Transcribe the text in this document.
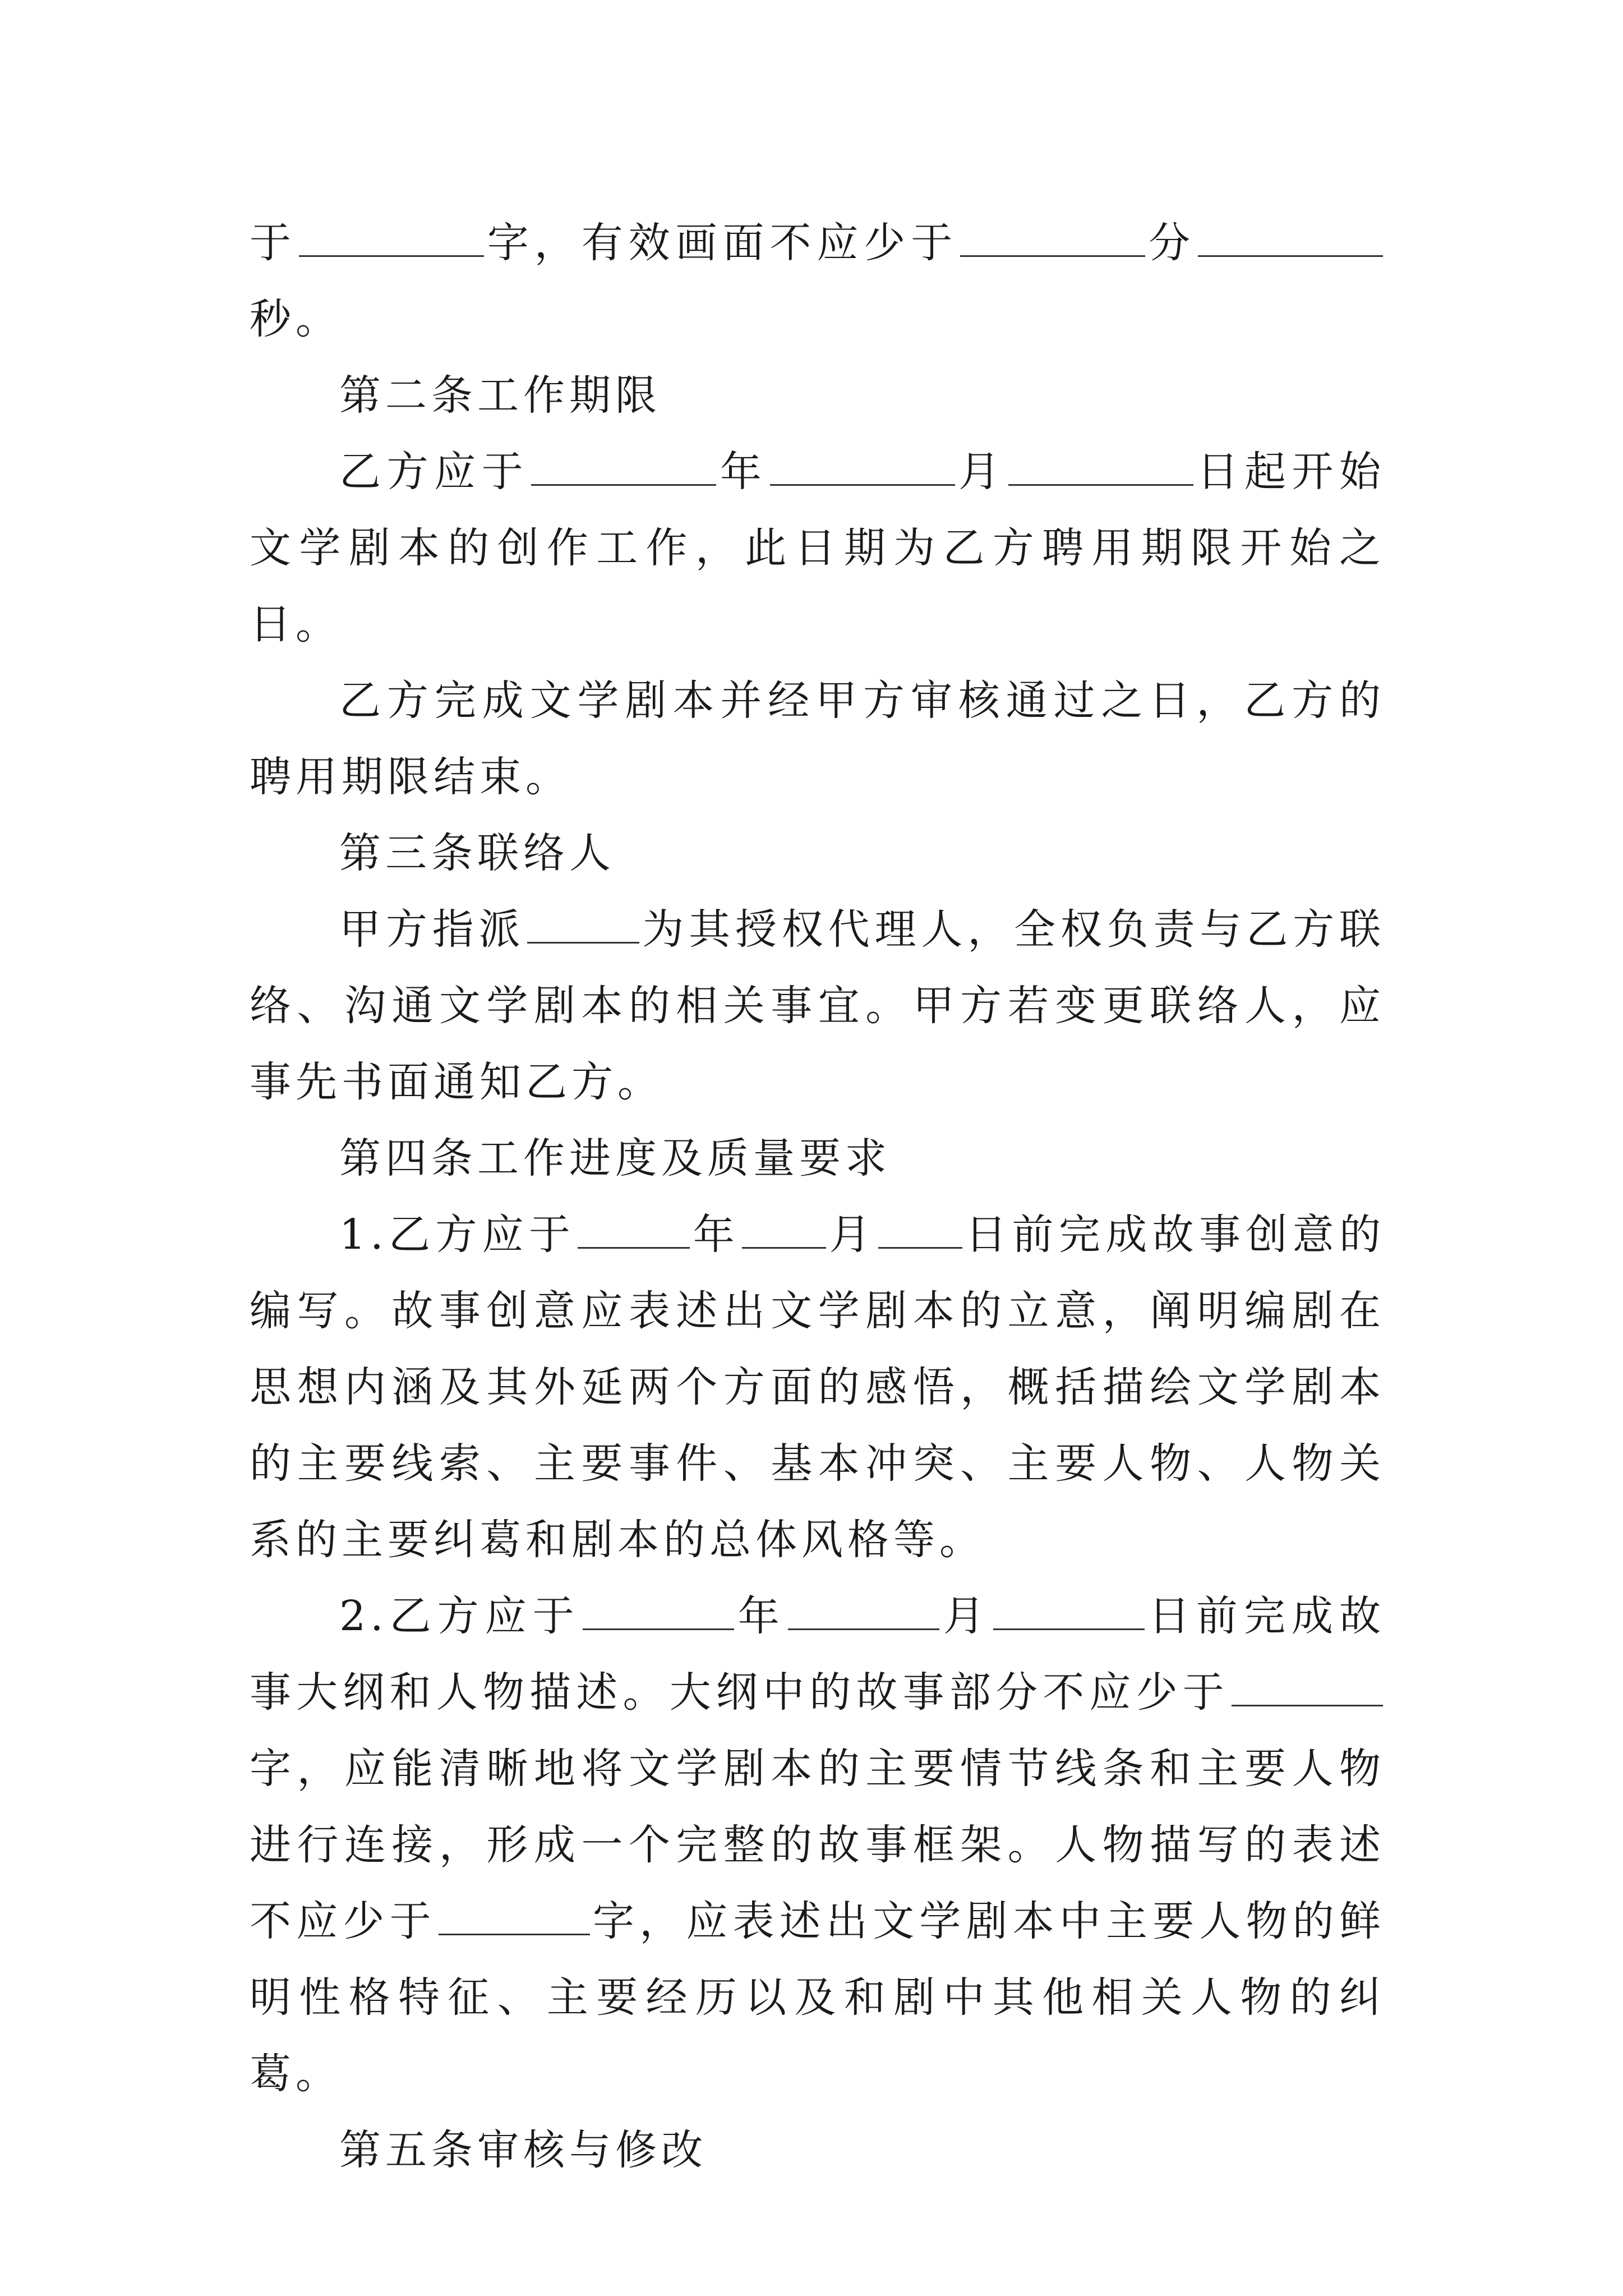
于	字，有效画面不应少于	分秒。

第二条工作期限

乙方应于	年	月	日起开始文学剧本的创作工作，此日期为乙方聘用期限开始之日。

乙方完成文学剧本并经甲方审核通过之日，乙方的聘用期限结束。

第三条联络人

甲方指派	为其授权代理人，全权负责与乙方联络、沟通文学剧本的相关事宜。甲方若变更联络人，应事先书面通知乙方。

第四条工作进度及质量要求

1.乙方应于	年 月 日前完成故事创意的编写。故事创意应表述出文学剧本的立意，阐明编剧在思想内涵及其外延两个方面的感悟，概括描绘文学剧本的主要线索、主要事件、基本冲突、主要人物、人物关系的主要纠葛和剧本的总体风格等。

2.乙方应于	年	月	日前完成故事大纲和人物描述。大纲中的故事部分不应少于字，应能清晰地将文学剧本的主要情节线条和主要人物进行连接，形成一个完整的故事框架。人物描写的表述不应少于	字，应表述出文学剧本中主要人物的鲜明性格特征、主要经历以及和剧中其他相关人物的纠葛。

第五条审核与修改
